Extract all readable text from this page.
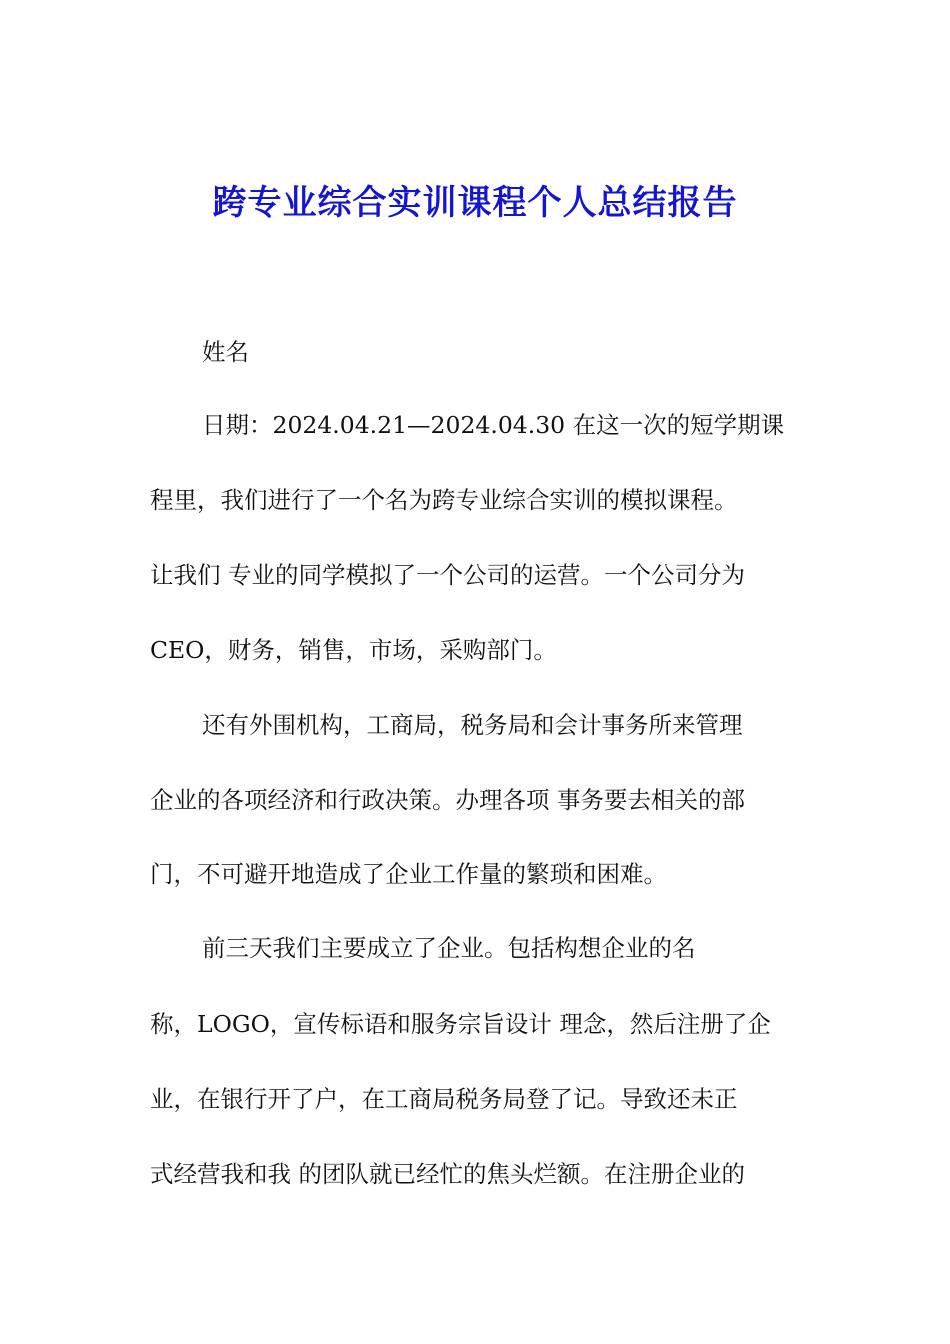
跨专业综合实训课程个人总结报告
姓名
日期：2024.04.21—2024.04.30 在这一次的短学期课
程里，我们进行了一个名为跨专业综合实训的模拟课程。
让我们 专业的同学模拟了一个公司的运营。一个公司分为
CEO，财务，销售，市场，采购部门。
还有外围机构，工商局，税务局和会计事务所来管理
企业的各项经济和行政决策。办理各项 事务要去相关的部
门，不可避开地造成了企业工作量的繁琐和困难。
前三天我们主要成立了企业。包括构想企业的名
称，LOGO，宣传标语和服务宗旨设计 理念，然后注册了企
业，在银行开了户，在工商局税务局登了记。导致还未正
式经营我和我 的团队就已经忙的焦头烂额。在注册企业的
